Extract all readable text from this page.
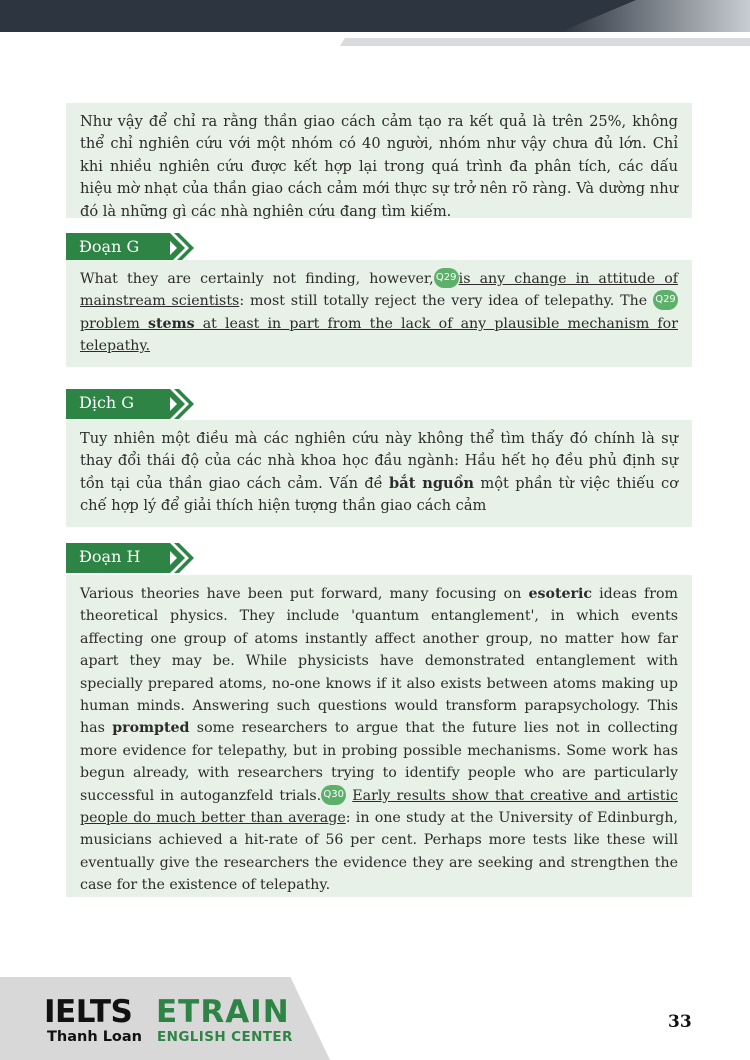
Như vậy để chỉ ra rằng thần giao cách cảm tạo ra kết quả là trên 25%, không thể chỉ nghiên cứu với một nhóm có 40 người, nhóm như vậy chưa đủ lớn. Chỉ khi nhiều nghiên cứu được kết hợp lại trong quá trình đa phân tích, các dấu hiệu mờ nhạt của thần giao cách cảm mới thực sự trở nên rõ ràng. Và dường như đó là những gì các nhà nghiên cứu đang tìm kiếm.

Đoạn G

What they are certainly not finding, however, Q29 is any change in attitude of mainstream scientists: most still totally reject the very idea of telepathy. The Q29problem stems at least in part from the lack of any plausible mechanism for telepathy.

Dịch G

Tuy nhiên một điều mà các nghiên cứu này không thể tìm thấy đó chính là sự thay đổi thái độ của các nhà khoa học đầu ngành: Hầu hết họ đều phủ định sự tồn tại của thần giao cách cảm. Vấn đề bắt nguồn một phần từ việc thiếu cơ chế hợp lý để giải thích hiện tượng thần giao cách cảm

Đoạn H

Various theories have been put forward, many focusing on esoteric ideas from theoretical physics. They include 'quantum entanglement', in which events affecting one group of atoms instantly affect another group, no matter how far apart they may be. While physicists have demonstrated entanglement with specially prepared atoms, no-one knows if it also exists between atoms making up human minds. Answering such questions would transform parapsychology. This has prompted some researchers to argue that the future lies not in collecting more evidence for telepathy, but in probing possible mechanisms. Some work has begun already, with researchers trying to identify people who are particularly successful in autoganzfeld trials. Q30 Early results show that creative and artistic people do much better than average: in one study at the University of Edinburgh, musicians achieved a hit-rate of 56 per cent. Perhaps more tests like these will eventually give the researchers the evidence they are seeking and strengthen the case for the existence of telepathy.

IELTS
Thanh Loan
ETRAIN
ENGLISH CENTER
33
